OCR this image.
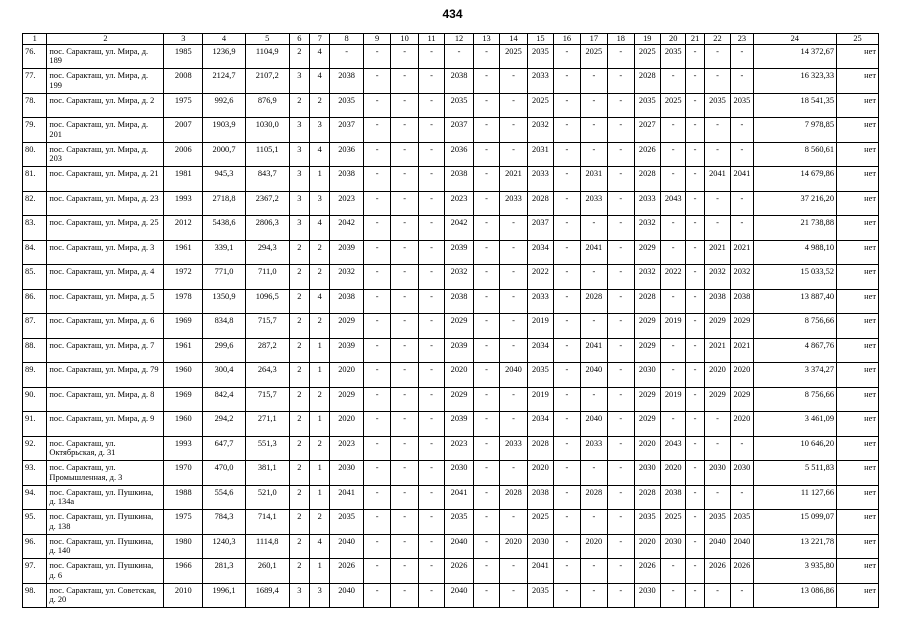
434
1	2	3	4	5	6	7	8	9	10	11	12	13	14	15	16	17	18	19	20	21	22	23	24	25
76.	пос. Саракташ, ул. Мира, д. 189	1985	1236,9	1104,9	2	4	-	-	-	-	-	-	2025	2035	-	2025	-	2025	2035	-	-	-	14 372,67	нет
77.	пос. Саракташ, ул. Мира, д. 199	2008	2124,7	2107,2	3	4	2038	-	-	-	2038	-	-	2033	-	-	-	2028	-	-	-	-	16 323,33	нет
78.	пос. Саракташ, ул. Мира, д. 2	1975	992,6	876,9	2	2	2035	-	-	-	2035	-	-	2025	-	-	-	2035	2025	-	2035	2035	18 541,35	нет
79.	пос. Саракташ, ул. Мира, д. 201	2007	1903,9	1030,0	3	3	2037	-	-	-	2037	-	-	2032	-	-	-	2027	-	-	-	-	7 978,85	нет
80.	пос. Саракташ, ул. Мира, д. 203	2006	2000,7	1105,1	3	4	2036	-	-	-	2036	-	-	2031	-	-	-	2026	-	-	-	-	8 560,61	нет
81.	пос. Саракташ, ул. Мира, д. 21	1981	945,3	843,7	3	1	2038	-	-	-	2038	-	2021	2033	-	2031	-	2028	-	-	2041	2041	14 679,86	нет
82.	пос. Саракташ, ул. Мира, д. 23	1993	2718,8	2367,2	3	3	2023	-	-	-	2023	-	2033	2028	-	2033	-	2033	2043	-	-	-	37 216,20	нет
83.	пос. Саракташ, ул. Мира, д. 25	2012	5438,6	2806,3	3	4	2042	-	-	-	2042	-	-	2037	-	-	-	2032	-	-	-	-	21 738,88	нет
84.	пос. Саракташ, ул. Мира, д. 3	1961	339,1	294,3	2	2	2039	-	-	-	2039	-	-	2034	-	2041	-	2029	-	-	2021	2021	4 988,10	нет
85.	пос. Саракташ, ул. Мира, д. 4	1972	771,0	711,0	2	2	2032	-	-	-	2032	-	-	2022	-	-	-	2032	2022	-	2032	2032	15 033,52	нет
86.	пос. Саракташ, ул. Мира, д. 5	1978	1350,9	1096,5	2	4	2038	-	-	-	2038	-	-	2033	-	2028	-	2028	-	-	2038	2038	13 887,40	нет
87.	пос. Саракташ, ул. Мира, д. 6	1969	834,8	715,7	2	2	2029	-	-	-	2029	-	-	2019	-	-	-	2029	2019	-	2029	2029	8 756,66	нет
88.	пос. Саракташ, ул. Мира, д. 7	1961	299,6	287,2	2	1	2039	-	-	-	2039	-	-	2034	-	2041	-	2029	-	-	2021	2021	4 867,76	нет
89.	пос. Саракташ, ул. Мира, д. 79	1960	300,4	264,3	2	1	2020	-	-	-	2020	-	2040	2035	-	2040	-	2030	-	-	2020	2020	3 374,27	нет
90.	пос. Саракташ, ул. Мира, д. 8	1969	842,4	715,7	2	2	2029	-	-	-	2029	-	-	2019	-	-	-	2029	2019	-	2029	2029	8 756,66	нет
91.	пос. Саракташ, ул. Мира, д. 9	1960	294,2	271,1	2	1	2020	-	-	-	2039	-	-	2034	-	2040	-	2029	-	-	-	2020	3 461,09	нет
92.	пос. Саракташ, ул. Октябрьская, д. 31	1993	647,7	551,3	2	2	2023	-	-	-	2023	-	2033	2028	-	2033	-	2020	2043	-	-	-	10 646,20	нет
93.	пос. Саракташ, ул. Промышленная, д. 3	1970	470,0	381,1	2	1	2030	-	-	-	2030	-	-	2020	-	-	-	2030	2020	-	2030	2030	5 511,83	нет
94.	пос. Саракташ, ул. Пушкина, д. 134а	1988	554,6	521,0	2	1	2041	-	-	-	2041	-	2028	2038	-	2028	-	2028	2038	-	-	-	11 127,66	нет
95.	пос. Саракташ, ул. Пушкина, д. 138	1975	784,3	714,1	2	2	2035	-	-	-	2035	-	-	2025	-	-	-	2035	2025	-	2035	2035	15 099,07	нет
96.	пос. Саракташ, ул. Пушкина, д. 140	1980	1240,3	1114,8	2	4	2040	-	-	-	2040	-	2020	2030	-	2020	-	2020	2030	-	2040	2040	13 221,78	нет
97.	пос. Саракташ, ул. Пушкина, д. 6	1966	281,3	260,1	2	1	2026	-	-	-	2026	-	-	2041	-	-	-	2026	-	-	2026	2026	3 935,80	нет
98.	пос. Саракташ, ул. Советская, д. 20	2010	1996,1	1689,4	3	3	2040	-	-	-	2040	-	-	2035	-	-	-	2030	-	-	-	-	13 086,86	нет
